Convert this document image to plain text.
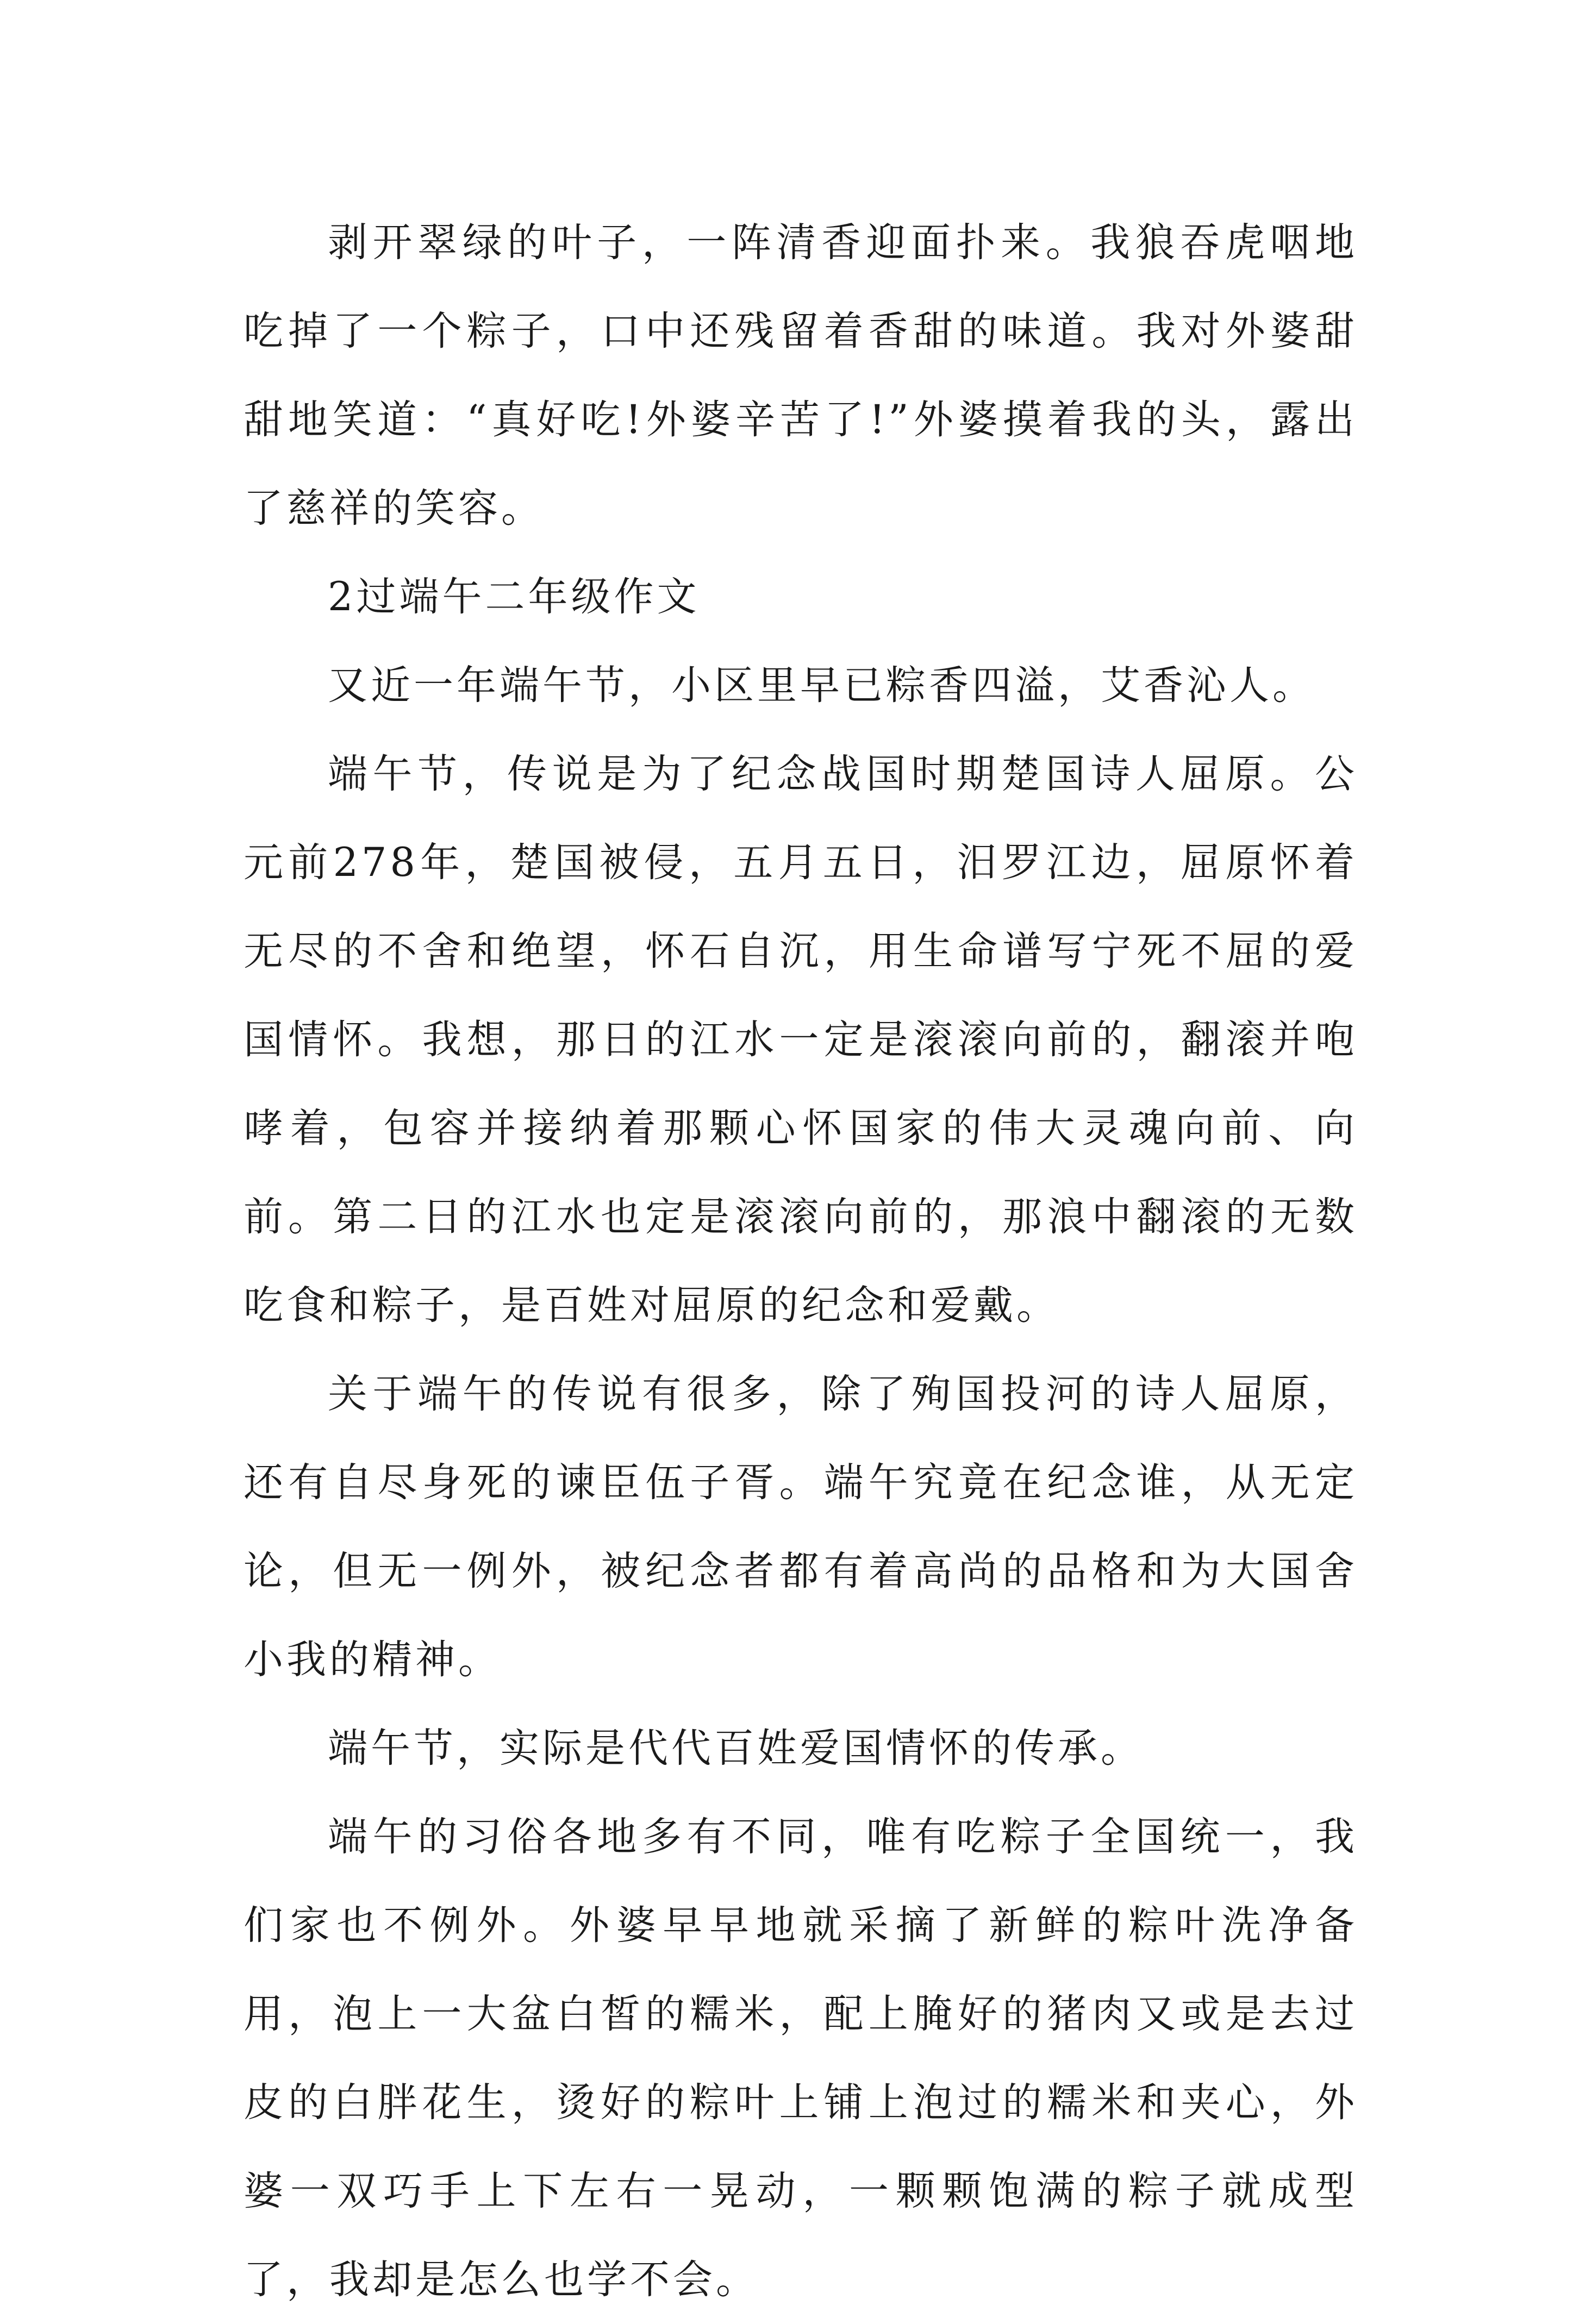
剥开翠绿的叶子，一阵清香迎面扑来。我狼吞虎咽地吃掉了一个粽子，口中还残留着香甜的味道。我对外婆甜甜地笑道：“真好吃!外婆辛苦了!”外婆摸着我的头，露出了慈祥的笑容。

2过端午二年级作文

又近一年端午节，小区里早已粽香四溢，艾香沁人。

端午节，传说是为了纪念战国时期楚国诗人屈原。公元前278年，楚国被侵，五月五日，汨罗江边，屈原怀着无尽的不舍和绝望，怀石自沉，用生命谱写宁死不屈的爱国情怀。我想，那日的江水一定是滚滚向前的，翻滚并咆哮着，包容并接纳着那颗心怀国家的伟大灵魂向前、向前。第二日的江水也定是滚滚向前的，那浪中翻滚的无数吃食和粽子，是百姓对屈原的纪念和爱戴。

关于端午的传说有很多，除了殉国投河的诗人屈原，还有自尽身死的谏臣伍子胥。端午究竟在纪念谁，从无定论，但无一例外，被纪念者都有着高尚的品格和为大国舍小我的精神。

端午节，实际是代代百姓爱国情怀的传承。

端午的习俗各地多有不同，唯有吃粽子全国统一，我们家也不例外。外婆早早地就采摘了新鲜的粽叶洗净备用，泡上一大盆白皙的糯米，配上腌好的猪肉又或是去过皮的白胖花生，烫好的粽叶上铺上泡过的糯米和夹心，外婆一双巧手上下左右一晃动，一颗颗饱满的粽子就成型了，我却是怎么也学不会。
